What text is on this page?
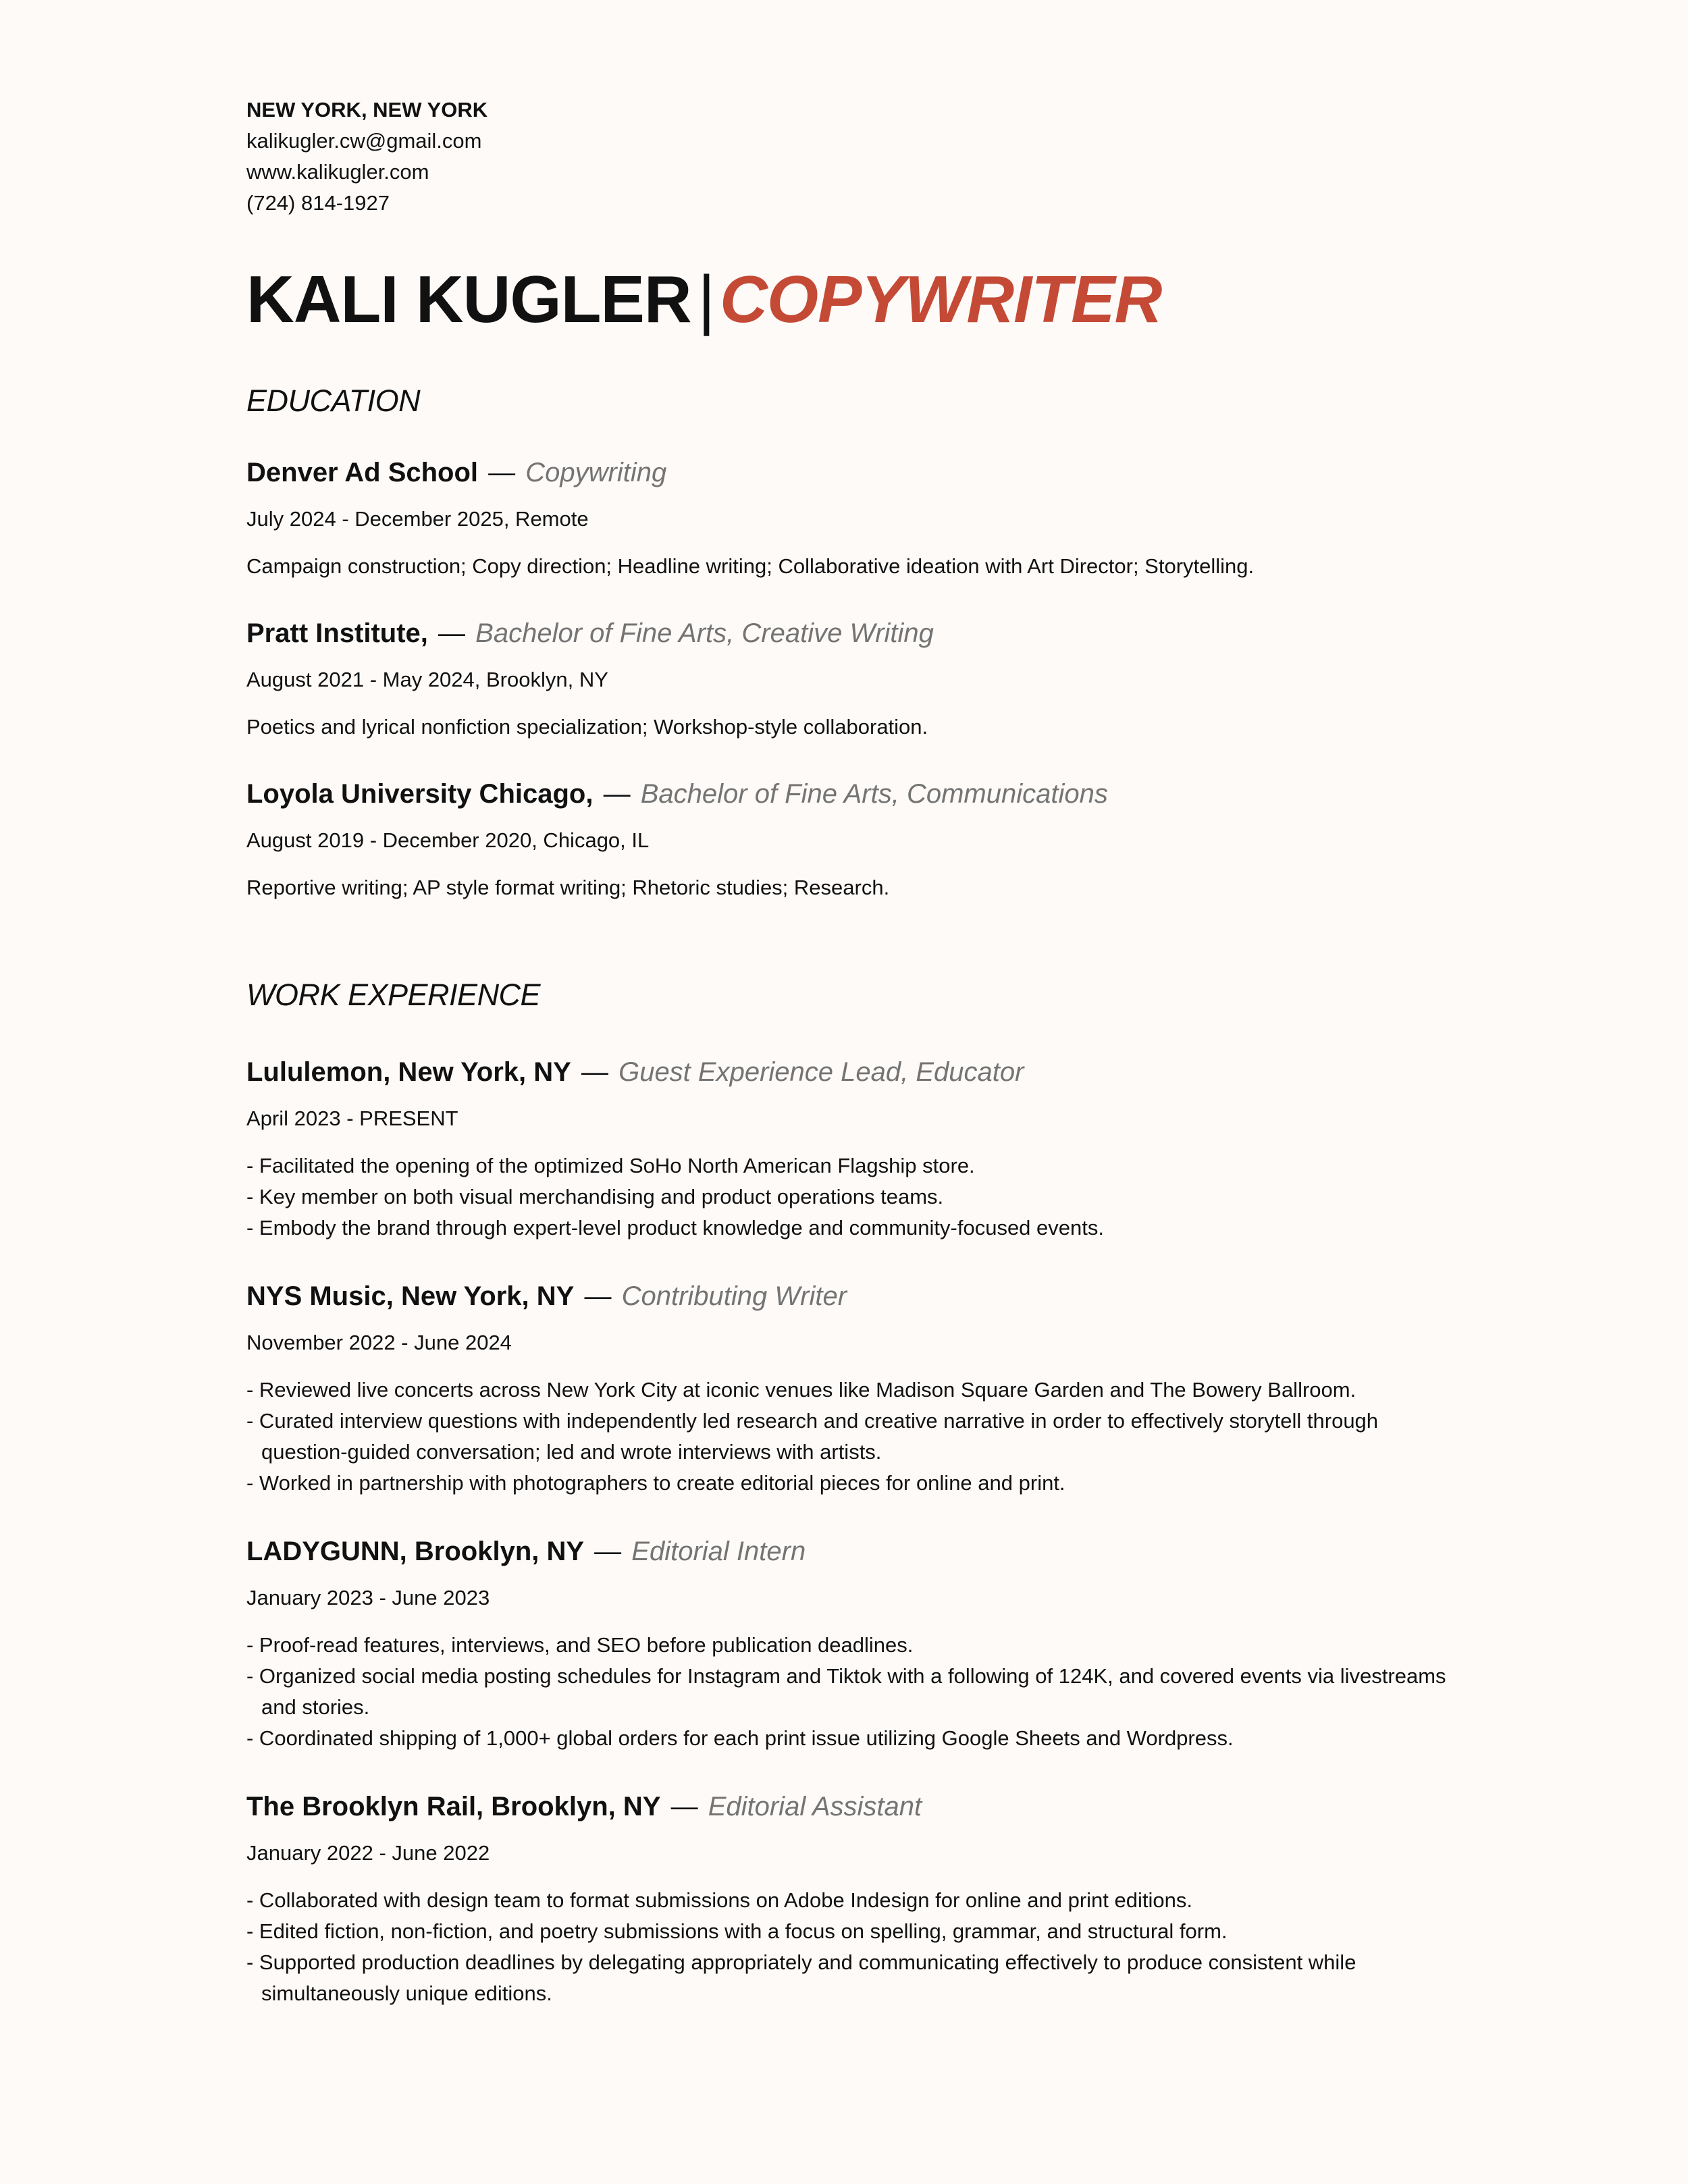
NEW YORK, NEW YORK
kalikugler.cw@gmail.com
www.kalikugler.com
(724) 814-1927
KALI KUGLER |COPYWRITER
EDUCATION
Denver Ad School — Copywriting
July 2024 - December 2025, Remote
Campaign construction; Copy direction; Headline writing; Collaborative ideation with Art Director; Storytelling.
Pratt Institute, — Bachelor of Fine Arts, Creative Writing
August 2021 - May 2024, Brooklyn, NY
Poetics and lyrical nonfiction specialization; Workshop-style collaboration.
Loyola University Chicago, — Bachelor of Fine Arts, Communications
August 2019 - December 2020, Chicago, IL
Reportive writing; AP style format writing; Rhetoric studies; Research.
WORK EXPERIENCE
Lululemon, New York, NY — Guest Experience Lead, Educator
April 2023 - PRESENT
- Facilitated the opening of the optimized SoHo North American Flagship store.
- Key member on both visual merchandising and product operations teams.
- Embody the brand through expert-level product knowledge and community-focused events.
NYS Music, New York, NY — Contributing Writer
November 2022 - June 2024
- Reviewed live concerts across New York City at iconic venues like Madison Square Garden and The Bowery Ballroom.
- Curated interview questions with independently led research and creative narrative in order to effectively storytell through question-guided conversation; led and wrote interviews with artists.
- Worked in partnership with photographers to create editorial pieces for online and print.
LADYGUNN, Brooklyn, NY — Editorial Intern
January 2023 - June 2023
- Proof-read features, interviews, and SEO before publication deadlines.
- Organized social media posting schedules for Instagram and Tiktok with a following of 124K, and covered events via livestreams and stories.
- Coordinated shipping of 1,000+ global orders for each print issue utilizing Google Sheets and Wordpress.
The Brooklyn Rail, Brooklyn, NY — Editorial Assistant
January 2022 - June 2022
- Collaborated with design team to format submissions on Adobe Indesign for online and print editions.
- Edited fiction, non-fiction, and poetry submissions with a focus on spelling, grammar, and structural form.
- Supported production deadlines by delegating appropriately and communicating effectively to produce consistent while simultaneously unique editions.
